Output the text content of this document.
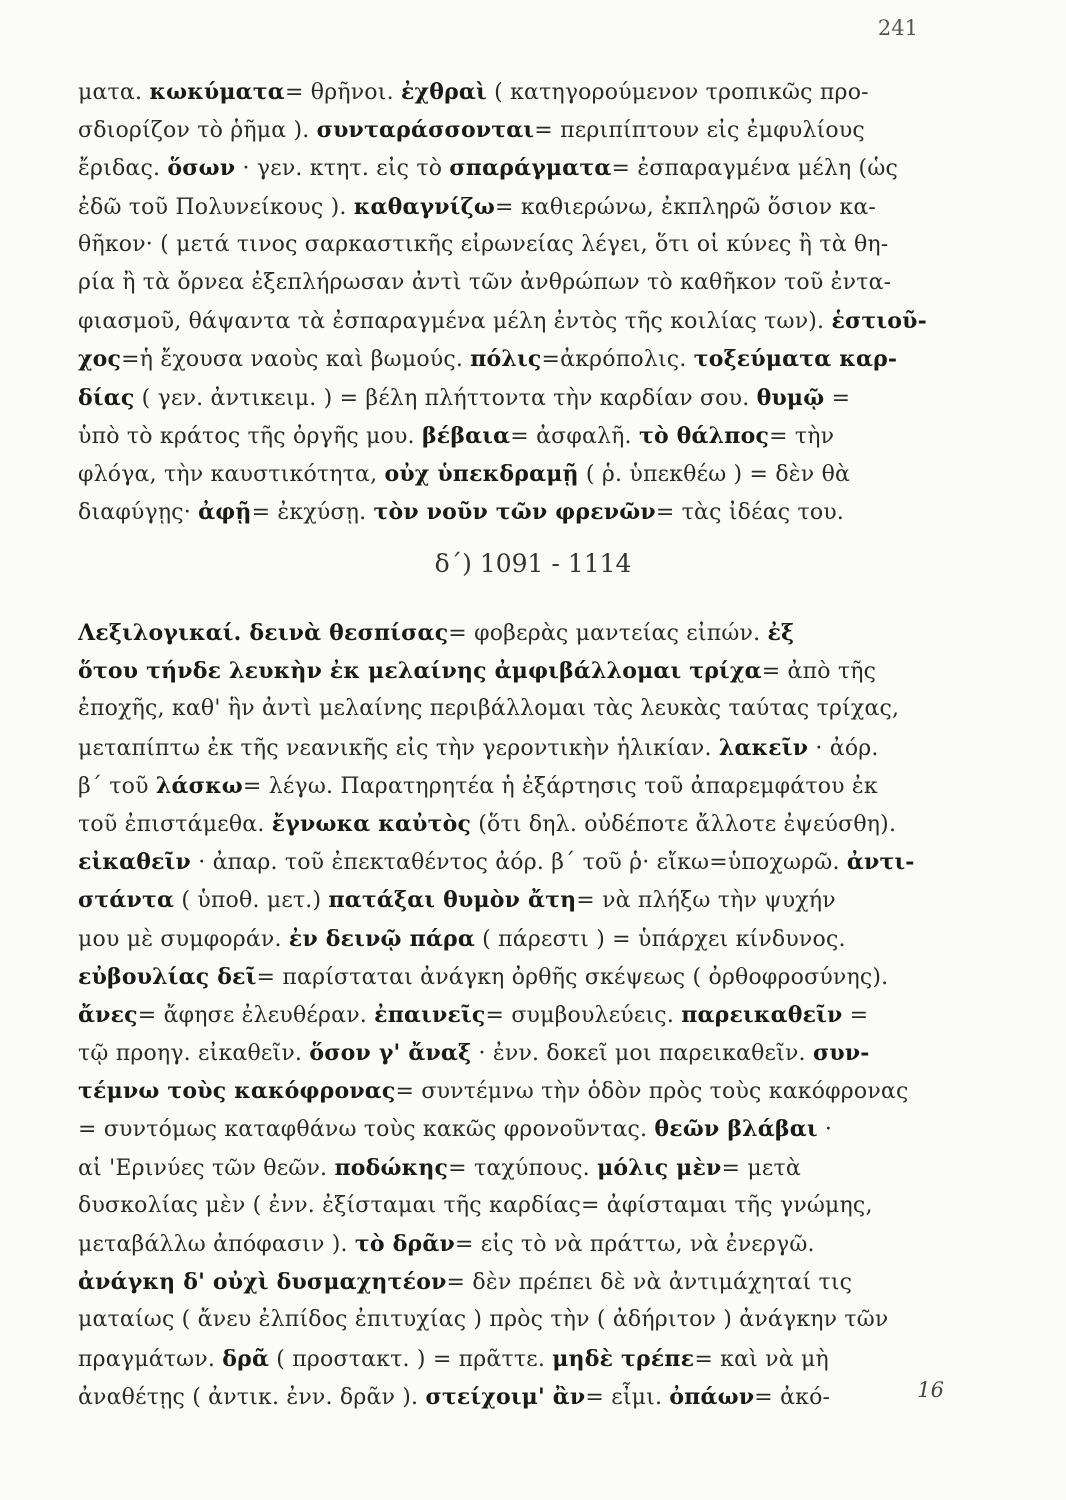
241
ματα. κωκύματα= θρῆνοι. ἐχθραὶ ( κατηγορούμενον τροπικῶς προ-
σδιορίζον τὸ ῥῆμα ). συνταράσσονται= περιπίπτουν εἰς ἐμφυλίους
ἔριδας. ὅσων · γεν. κτητ. εἰς τὸ σπαράγματα= ἐσπαραγμένα μέλη (ὡς
ἐδῶ τοῦ Πολυνείκους ). καθαγνίζω= καθιερώνω, ἐκπληρῶ ὅσιον κα-
θῆκον· ( μετά τινος σαρκαστικῆς εἰρωνείας λέγει, ὅτι οἱ κύνες ἢ τὰ θη-
ρία ἢ τὰ ὄρνεα ἐξεπλήρωσαν ἀντὶ τῶν ἀνθρώπων τὸ καθῆκον τοῦ ἐντα-
φιασμοῦ, θάψαντα τὰ ἐσπαραγμένα μέλη ἐντὸς τῆς κοιλίας των). ἑστιοῦ-
χος=ἡ ἔχουσα ναοὺς καὶ βωμούς. πόλις=ἀκρόπολις. τοξεύματα καρ-
δίας ( γεν. ἀντικειμ. ) = βέλη πλήττοντα τὴν καρδίαν σου. θυμῷ =
ὑπὸ τὸ κράτος τῆς ὀργῆς μου. βέβαια= ἀσφαλῆ. τὸ θάλπος= τὴν
φλόγα, τὴν καυστικότητα, οὐχ ὑπεκδραμῇ ( ῥ. ὑπεκθέω ) = δὲν θὰ
διαφύγῃς· ἀφῇ= ἐκχύσῃ. τὸν νοῦν τῶν φρενῶν= τὰς ἰδέας του.
δ΄) 1091 - 1114
Λεξιλογικαί. δεινὰ θεσπίσας= φοβερὰς μαντείας εἰπών. ἐξ
ὅτου τήνδε λευκὴν ἐκ μελαίνης ἀμφιβάλλομαι τρίχα= ἀπὸ τῆς
ἐποχῆς, καθ' ἣν ἀντὶ μελαίνης περιβάλλομαι τὰς λευκὰς ταύτας τρίχας,
μεταπίπτω ἐκ τῆς νεανικῆς εἰς τὴν γεροντικὴν ἡλικίαν. λακεῖν · ἀόρ.
β΄ τοῦ λάσκω= λέγω. Παρατηρητέα ἡ ἐξάρτησις τοῦ ἀπαρεμφάτου ἐκ
τοῦ ἐπιστάμεθα. ἔγνωκα καὐτὸς (ὅτι δηλ. οὐδέποτε ἄλλοτε ἐψεύσθη).
εἰκαθεῖν · ἀπαρ. τοῦ ἐπεκταθέντος ἀόρ. β΄ τοῦ ῥ· εἴκω=ὑποχωρῶ. ἀντι-
στάντα ( ὑποθ. μετ.) πατάξαι θυμὸν ἄτη= νὰ πλήξω τὴν ψυχήν
μου μὲ συμφοράν. ἐν δεινῷ πάρα ( πάρεστι ) = ὑπάρχει κίνδυνος.
εὐβουλίας δεῖ= παρίσταται ἀνάγκη ὀρθῆς σκέψεως ( ὀρθοφροσύνης).
ἄνες= ἄφησε ἐλευθέραν. ἐπαινεῖς= συμβουλεύεις. παρεικαθεῖν =
τῷ προηγ. εἰκαθεῖν. ὅσον γ' ἄναξ · ἐνν. δοκεῖ μοι παρεικαθεῖν. συν-
τέμνω τοὺς κακόφρονας= συντέμνω τὴν ὁδὸν πρὸς τοὺς κακόφρονας
= συντόμως καταφθάνω τοὺς κακῶς φρονοῦντας. θεῶν βλάβαι ·
αἱ 'Ερινύες τῶν θεῶν. ποδώκης= ταχύπους. μόλις μὲν= μετὰ
δυσκολίας μὲν ( ἐνν. ἐξίσταμαι τῆς καρδίας= ἀφίσταμαι τῆς γνώμης,
μεταβάλλω ἀπόφασιν ). τὸ δρᾶν= εἰς τὸ νὰ πράττω, νὰ ἐνεργῶ.
ἀνάγκη δ' οὐχὶ δυσμαχητέον= δὲν πρέπει δὲ νὰ ἀντιμάχηταί τις
ματαίως ( ἄνευ ἐλπίδος ἐπιτυχίας ) πρὸς τὴν ( ἀδήριτον ) ἀνάγκην τῶν
πραγμάτων. δρᾶ ( προστακτ. ) = πρᾶττε. μηδὲ τρέπε= καὶ νὰ μὴ
ἀναθέτῃς ( ἀντικ. ἐνν. δρᾶν ). στείχοιμ' ἂν= εἶμι. ὀπάων= ἀκό-	16
